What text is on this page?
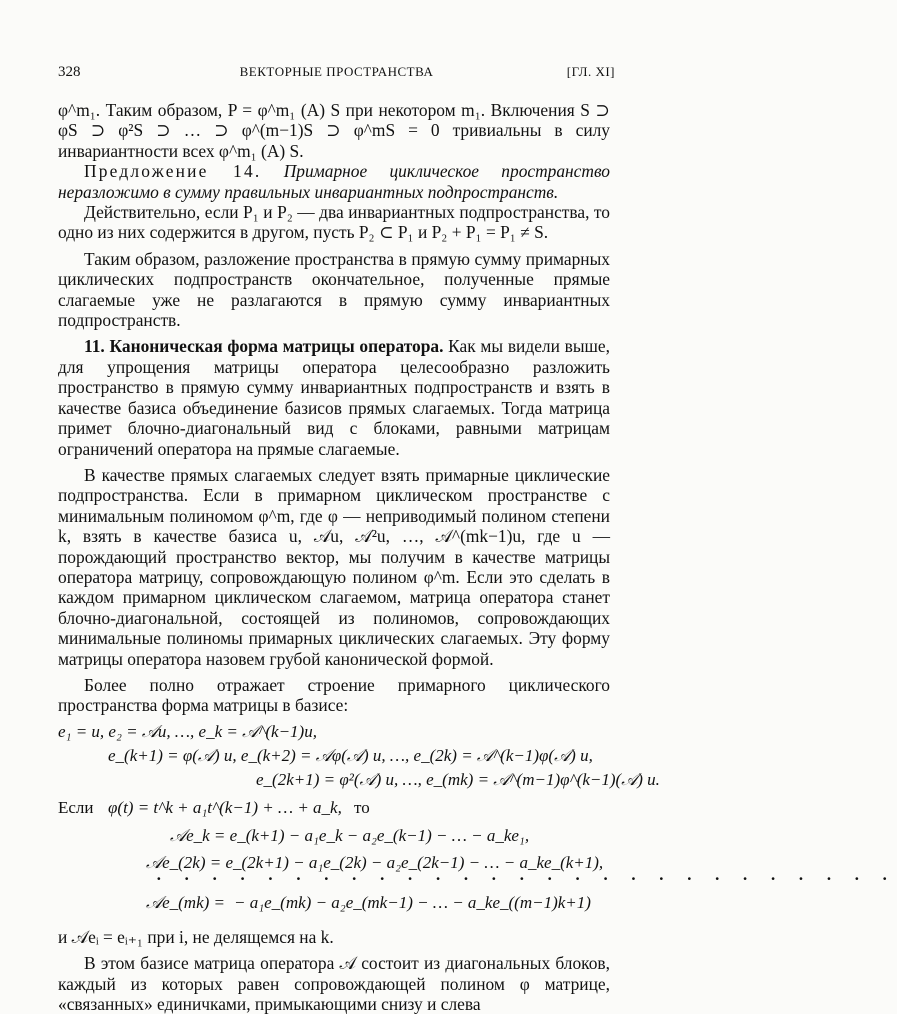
328	ВЕКТОРНЫЕ ПРОСТРАНСТВА	[ГЛ. XI]

φ^m₁. Таким образом, P = φ^m₁ (A) S при некотором m₁. Включения S ⊃ φS ⊃ φ²S ⊃ … ⊃ φ^(m−1)S ⊃ φ^mS = 0 тривиальны в силу инвариантности всех φ^m₁ (A) S.

Предложение 14. Примарное циклическое пространство неразложимо в сумму правильных инвариантных подпространств.

Действительно, если P₁ и P₂ — два инвариантных подпространства, то одно из них содержится в другом, пусть P₂ ⊂ P₁ и P₂ + P₁ = P₁ ≠ S.

Таким образом, разложение пространства в прямую сумму примарных циклических подпространств окончательное, полученные прямые слагаемые уже не разлагаются в прямую сумму инвариантных подпространств.

11. Каноническая форма матрицы оператора. Как мы видели выше, для упрощения матрицы оператора целесообразно разложить пространство в прямую сумму инвариантных подпространств и взять в качестве базиса объединение базисов прямых слагаемых. Тогда матрица примет блочно-диагональный вид с блоками, равными матрицам ограничений оператора на прямые слагаемые.

В качестве прямых слагаемых следует взять примарные циклические подпространства. Если в примарном циклическом пространстве с минимальным полиномом φ^m, где φ — неприводимый полином степени k, взять в качестве базиса u, 𝒜u, 𝒜²u, …, 𝒜^(mk−1)u, где u — порождающий пространство вектор, мы получим в качестве матрицы оператора матрицу, сопровождающую полином φ^m. Если это сделать в каждом примарном циклическом слагаемом, матрица оператора станет блочно-диагональной, состоящей из полиномов, сопровождающих минимальные полиномы примарных циклических слагаемых. Эту форму матрицы оператора назовем грубой канонической формой.

Более полно отражает строение примарного циклического пространства форма матрицы в базисе:

e₁ = u, e₂ = 𝒜u, …, e_k = 𝒜^(k−1)u,
e_(k+1) = φ(𝒜) u, e_(k+2) = 𝒜φ(𝒜) u, …, e_(2k) = 𝒜^(k−1)φ(𝒜) u,
e_(2k+1) = φ²(𝒜) u, …, e_(mk) = 𝒜^(m−1)φ^(k−1)(𝒜) u.
Если φ(t) = t^k + a₁t^(k−1) + … + a_k, то
𝒜e_k = e_(k+1) − a₁e_k − a₂e_(k−1) − … − a_ke₁,
𝒜e_(2k) = e_(2k+1) − a₁e_(2k) − a₂e_(2k−1) − … − a_ke_(k+1),
· · · · · · · · · · · · · · · · · · · · · · · · · · ·
𝒜e_(mk) = − a₁e_(mk) − a₂e_(mk−1) − … − a_ke_((m−1)k+1)

и 𝒜eᵢ = eᵢ₊₁ при i, не делящемся на k.

В этом базисе матрица оператора 𝒜 состоит из диагональных блоков, каждый из которых равен сопровождающей полином φ матрице, «связанных» единичками, примыкающими снизу и слева
